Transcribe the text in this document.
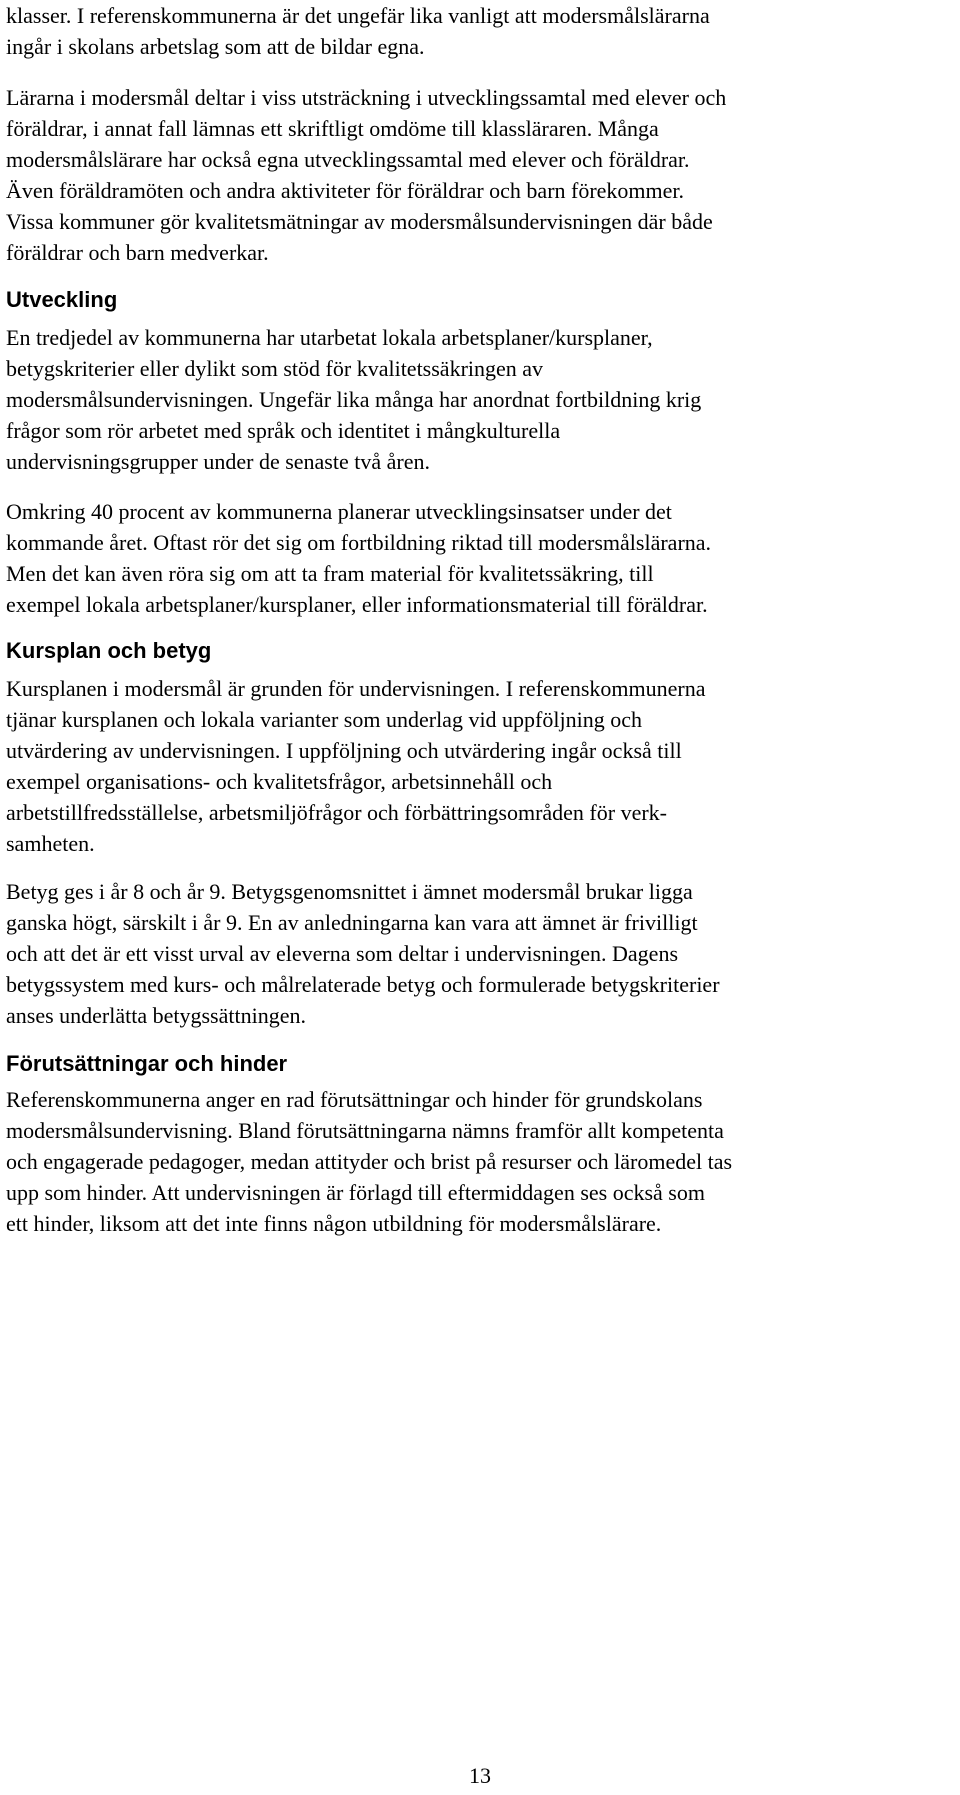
klasser. I referenskommunerna är det ungefär lika vanligt att modersmålslärarna
ingår i skolans arbetslag som att de bildar egna.

Lärarna i modersmål deltar i viss utsträckning i utvecklingssamtal med elever och
föräldrar, i annat fall lämnas ett skriftligt omdöme till klassläraren. Många
modersmålslärare har också egna utvecklingssamtal med elever och föräldrar.
Även föräldramöten och andra aktiviteter för föräldrar och barn förekommer.
Vissa kommuner gör kvalitetsmätningar av modersmålsundervisningen där både
föräldrar och barn medverkar.

Utveckling

En tredjedel av kommunerna har utarbetat lokala arbetsplaner/kursplaner,
betygskriterier eller dylikt som stöd för kvalitetssäkringen av
modersmålsundervisningen. Ungefär lika många har anordnat fortbildning krig
frågor som rör arbetet med språk och identitet i mångkulturella
undervisningsgrupper under de senaste två åren.

Omkring 40 procent av kommunerna planerar utvecklingsinsatser under det
kommande året. Oftast rör det sig om fortbildning riktad till modersmålslärarna.
Men det kan även röra sig om att ta fram material för kvalitetssäkring, till
exempel lokala arbetsplaner/kursplaner, eller informationsmaterial till föräldrar.

Kursplan och betyg

Kursplanen i modersmål är grunden för undervisningen. I referenskommunerna
tjänar kursplanen och lokala varianter som underlag vid uppföljning och
utvärdering av undervisningen. I uppföljning och utvärdering ingår också till
exempel organisations- och kvalitetsfrågor, arbetsinnehåll och
arbetstillfredsställelse, arbetsmiljöfrågor och förbättringsområden för verk-
samheten.

Betyg ges i år 8 och år 9. Betygsgenomsnittet i ämnet modersmål brukar ligga
ganska högt, särskilt i år 9. En av anledningarna kan vara att ämnet är frivilligt
och att det är ett visst urval av eleverna som deltar i undervisningen. Dagens
betygssystem med kurs- och målrelaterade betyg och formulerade betygskriterier
anses underlätta betygssättningen.

Förutsättningar och hinder

Referenskommunerna anger en rad förutsättningar och hinder för grundskolans
modersmålsundervisning. Bland förutsättningarna nämns framför allt kompetenta
och engagerade pedagoger, medan attityder och brist på resurser och läromedel tas
upp som hinder. Att undervisningen är förlagd till eftermiddagen ses också som
ett hinder, liksom att det inte finns någon utbildning för modersmålslärare.

13
